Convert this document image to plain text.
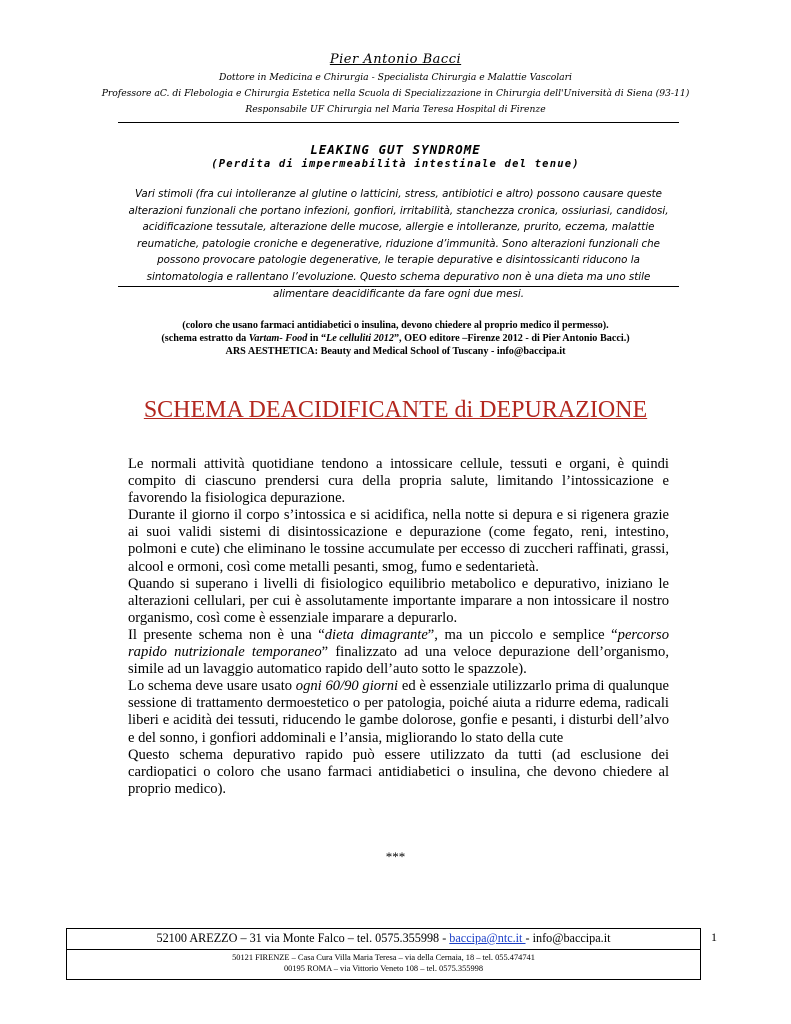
Pier Antonio Bacci
Dottore in Medicina e Chirurgia - Specialista Chirurgia e Malattie Vascolari
Professore aC. di Flebologia e Chirurgia Estetica nella Scuola di Specializzazione in Chirurgia dell'Università di Siena (93-11)
Responsabile UF Chirurgia nel Maria Teresa Hospital di Firenze
LEAKING GUT SYNDROME
(Perdita di impermeabilità intestinale del tenue)
Vari stimoli (fra cui intolleranze al glutine o latticini, stress, antibiotici e altro) possono causare queste alterazioni funzionali che portano infezioni, gonfiori, irritabilità, stanchezza cronica, ossiuriasi, candidosi, acidificazione tessutale, alterazione delle mucose, allergie e intolleranze, prurito, eczema, malattie reumatiche, patologie croniche e degenerative, riduzione d’immunità. Sono alterazioni funzionali che possono provocare patologie degenerative, le terapie depurative e disintossicanti riducono la sintomatologia e rallentano l’evoluzione. Questo schema depurativo non è una dieta ma uno stile alimentare deacidificante da fare ogni due mesi.
(coloro che usano farmaci antidiabetici o insulina, devono chiedere al proprio medico il permesso).
(schema estratto da Vartam- Food in “Le celluliti 2012”, OEO editore –Firenze 2012 - di Pier Antonio Bacci.)
ARS AESTHETICA: Beauty and Medical School of Tuscany - info@baccipa.it
SCHEMA DEACIDIFICANTE di DEPURAZIONE

Le normali attività quotidiane tendono a intossicare cellule, tessuti e organi, è quindi compito di ciascuno prendersi cura della propria salute, limitando l’intossicazione e favorendo la fisiologica depurazione.

Durante il giorno il corpo s’intossica e si acidifica, nella notte si depura e si rigenera grazie ai suoi validi sistemi di disintossicazione e depurazione (come fegato, reni, intestino, polmoni e cute) che eliminano le tossine accumulate per eccesso di zuccheri raffinati, grassi, alcool e ormoni, così come metalli pesanti, smog, fumo e sedentarietà.

Quando si superano i livelli di fisiologico equilibrio metabolico e depurativo, iniziano le alterazioni cellulari, per cui è assolutamente importante imparare a non intossicare il nostro organismo, così come è essenziale imparare a depurarlo.

Il presente schema non è una “dieta dimagrante”, ma un piccolo e semplice “percorso rapido nutrizionale temporaneo” finalizzato ad una veloce depurazione dell’organismo, simile ad un lavaggio automatico rapido dell’auto sotto le spazzole).

Lo schema deve usare usato ogni 60/90 giorni ed è essenziale utilizzarlo prima di qualunque sessione di trattamento dermoestetico o per patologia, poiché aiuta a ridurre edema, radicali liberi e acidità dei tessuti, riducendo le gambe dolorose, gonfie e pesanti, i disturbi dell’alvo e del sonno, i gonfiori addominali e l’ansia, migliorando lo stato della cute

Questo schema depurativo rapido può essere utilizzato da tutti (ad esclusione dei cardiopatici o coloro che usano farmaci antidiabetici o insulina, che devono chiedere al proprio medico).

***
52100 AREZZO – 31 via Monte Falco – tel. 0575.355998 - baccipa@ntc.it - info@baccipa.it
50121 FIRENZE – Casa Cura Villa Maria Teresa – via della Cernaia, 18 – tel. 055.474741
00195 ROMA – via Vittorio Veneto 108 – tel. 0575.355998
1
